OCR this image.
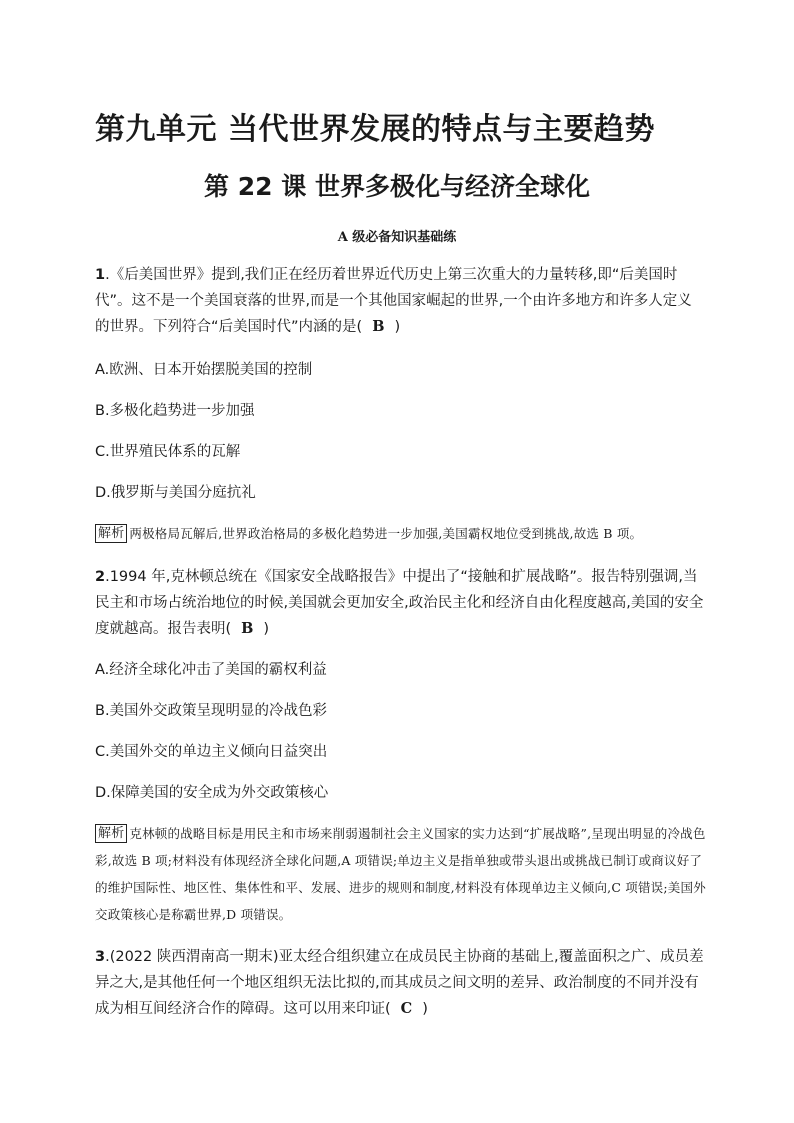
第九单元 当代世界发展的特点与主要趋势
第 22 课 世界多极化与经济全球化
A 级必备知识基础练
1.《后美国世界》提到,我们正在经历着世界近代历史上第三次重大的力量转移,即“后美国时代”。这不是一个美国衰落的世界,而是一个其他国家崛起的世界,一个由许多地方和许多人定义的世界。下列符合“后美国时代”内涵的是( B )
A.欧洲、日本开始摆脱美国的控制
B.多极化趋势进一步加强
C.世界殖民体系的瓦解
D.俄罗斯与美国分庭抗礼
解析 两极格局瓦解后,世界政治格局的多极化趋势进一步加强,美国霸权地位受到挑战,故选 B 项。
2.1994 年,克林顿总统在《国家安全战略报告》中提出了“接触和扩展战略”。报告特别强调,当民主和市场占统治地位的时候,美国就会更加安全,政治民主化和经济自由化程度越高,美国的安全度就越高。报告表明( B )
A.经济全球化冲击了美国的霸权利益
B.美国外交政策呈现明显的冷战色彩
C.美国外交的单边主义倾向日益突出
D.保障美国的安全成为外交政策核心
解析 克林顿的战略目标是用民主和市场来削弱遏制社会主义国家的实力达到“扩展战略”,呈现出明显的冷战色彩,故选 B 项;材料没有体现经济全球化问题,A 项错误;单边主义是指单独或带头退出或挑战已制订或商议好了的维护国际性、地区性、集体性和平、发展、进步的规则和制度,材料没有体现单边主义倾向,C 项错误;美国外交政策核心是称霸世界,D 项错误。
3.(2022 陕西渭南高一期末)亚太经合组织建立在成员民主协商的基础上,覆盖面积之广、成员差异之大,是其他任何一个地区组织无法比拟的,而其成员之间文明的差异、政治制度的不同并没有成为相互间经济合作的障碍。这可以用来印证( C )
